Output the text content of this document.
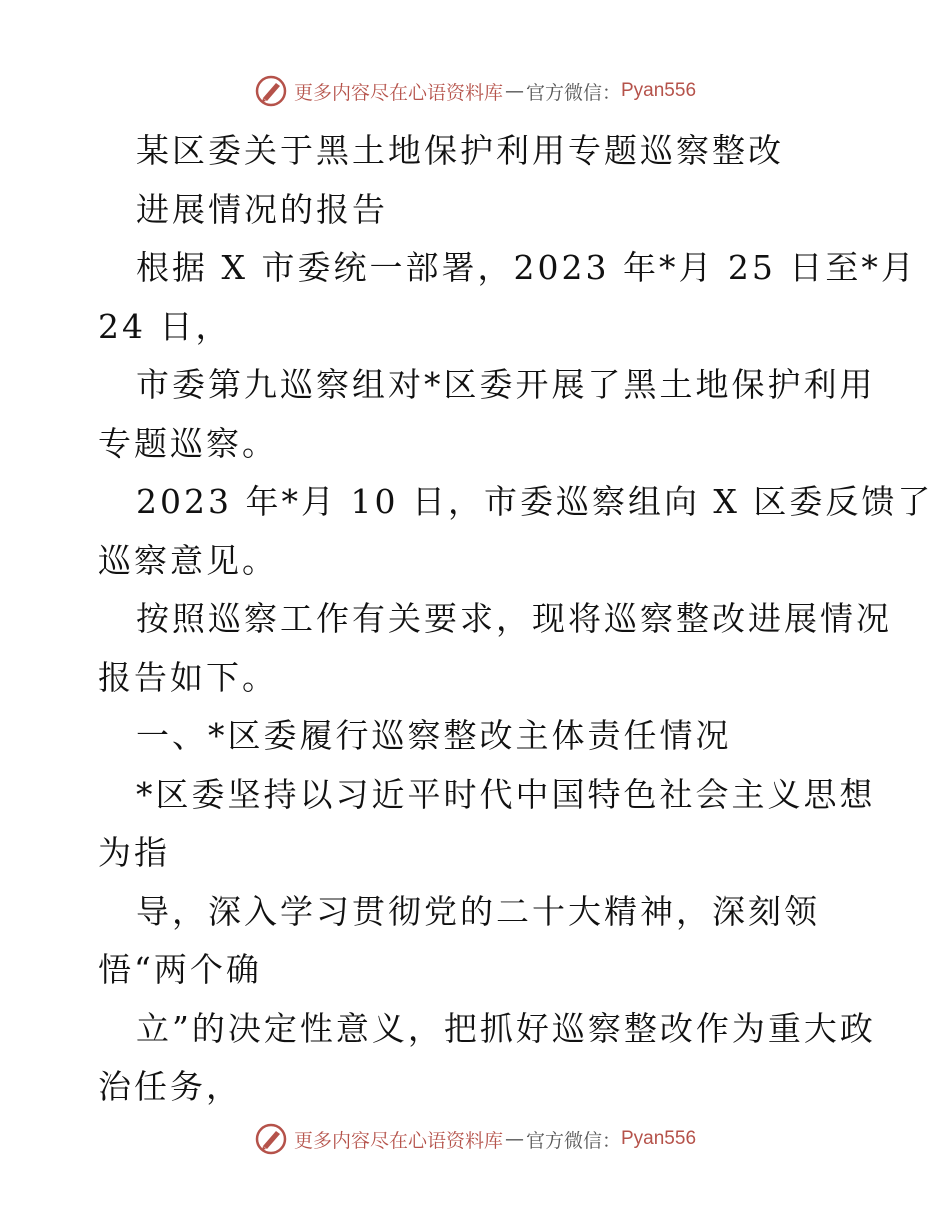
更多内容尽在心语资料库 — 官方微信： Pyan556

某区委关于黑土地保护利用专题巡察整改

进展情况的报告

根据 X 市委统一部署，2023 年*月 25 日至*月

24 日，

市委第九巡察组对*区委开展了黑土地保护利用

专题巡察。

2023 年*月 10 日，市委巡察组向 X 区委反馈了

巡察意见。

按照巡察工作有关要求，现将巡察整改进展情况

报告如下。

一、*区委履行巡察整改主体责任情况

*区委坚持以习近平时代中国特色社会主义思想

为指

导，深入学习贯彻党的二十大精神，深刻领

悟“两个确

立”的决定性意义，把抓好巡察整改作为重大政

治任务，

更多内容尽在心语资料库 — 官方微信： Pyan556
